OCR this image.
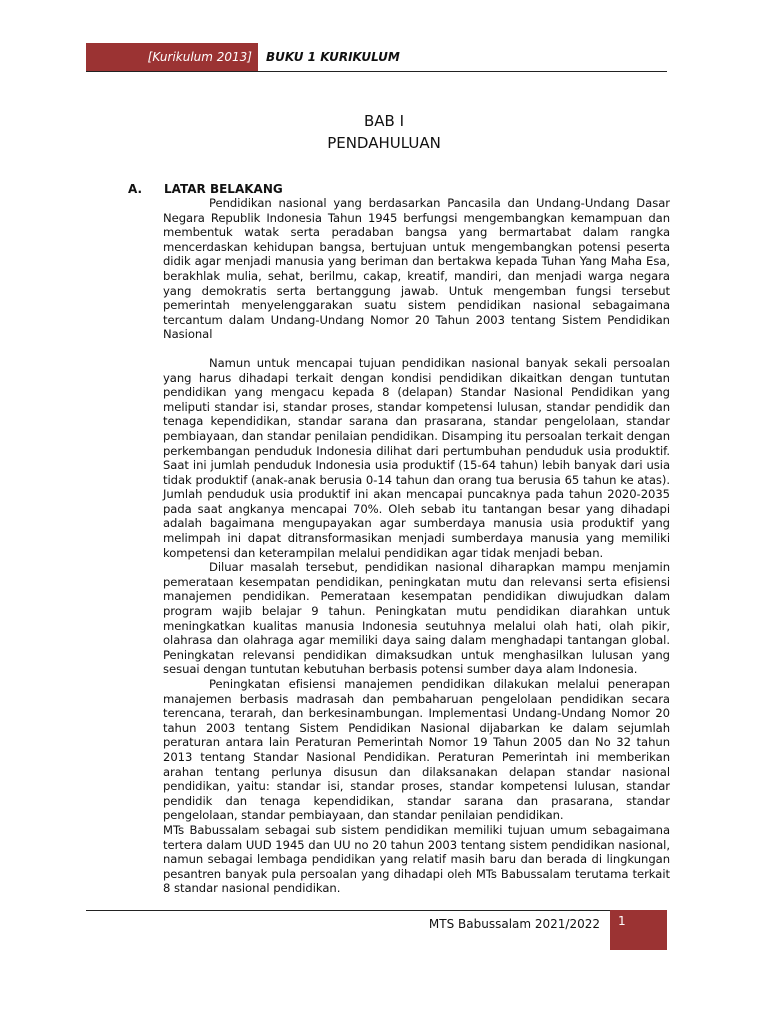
[Kurikulum 2013]	BUKU 1 KURIKULUM
BAB I
PENDAHULUAN
A. LATAR BELAKANG

Pendidikan nasional yang berdasarkan Pancasila dan Undang-Undang Dasar Negara Republik Indonesia Tahun 1945 berfungsi mengembangkan kemampuan dan membentuk watak serta peradaban bangsa yang bermartabat dalam rangka mencerdaskan kehidupan bangsa, bertujuan untuk mengembangkan potensi peserta didik agar menjadi manusia yang beriman dan bertakwa kepada Tuhan Yang Maha Esa, berakhlak mulia, sehat, berilmu, cakap, kreatif, mandiri, dan menjadi warga negara yang demokratis serta bertanggung jawab. Untuk mengemban fungsi tersebut pemerintah menyelenggarakan suatu sistem pendidikan nasional sebagaimana tercantum dalam Undang-Undang Nomor 20 Tahun 2003 tentang Sistem Pendidikan Nasional

Namun untuk mencapai tujuan pendidikan nasional banyak sekali persoalan yang harus dihadapi terkait dengan kondisi pendidikan dikaitkan dengan tuntutan pendidikan yang mengacu kepada 8 (delapan) Standar Nasional Pendidikan yang meliputi standar isi, standar proses, standar kompetensi lulusan, standar pendidik dan tenaga kependidikan, standar sarana dan prasarana, standar pengelolaan, standar pembiayaan, dan standar penilaian pendidikan. Disamping itu persoalan terkait dengan perkembangan penduduk Indonesia dilihat dari pertumbuhan penduduk usia produktif. Saat ini jumlah penduduk Indonesia usia produktif (15-64 tahun) lebih banyak dari usia tidak produktif (anak-anak berusia 0-14 tahun dan orang tua berusia 65 tahun ke atas). Jumlah penduduk usia produktif ini akan mencapai puncaknya pada tahun 2020-2035 pada saat angkanya mencapai 70%. Oleh sebab itu tantangan besar yang dihadapi adalah bagaimana mengupayakan agar sumberdaya manusia usia produktif yang melimpah ini dapat ditransformasikan menjadi sumberdaya manusia yang memiliki kompetensi dan keterampilan melalui pendidikan agar tidak menjadi beban.

Diluar masalah tersebut, pendidikan nasional diharapkan mampu menjamin pemerataan kesempatan pendidikan, peningkatan mutu dan relevansi serta efisiensi manajemen pendidikan. Pemerataan kesempatan pendidikan diwujudkan dalam program wajib belajar 9 tahun. Peningkatan mutu pendidikan diarahkan untuk meningkatkan kualitas manusia Indonesia seutuhnya melalui olah hati, olah pikir, olahrasa dan olahraga agar memiliki daya saing dalam menghadapi tantangan global. Peningkatan relevansi pendidikan dimaksudkan untuk menghasilkan lulusan yang sesuai dengan tuntutan kebutuhan berbasis potensi sumber daya alam Indonesia.

Peningkatan efisiensi manajemen pendidikan dilakukan melalui penerapan manajemen berbasis madrasah dan pembaharuan pengelolaan pendidikan secara terencana, terarah, dan berkesinambungan. Implementasi Undang-Undang Nomor 20 tahun 2003 tentang Sistem Pendidikan Nasional dijabarkan ke dalam sejumlah peraturan antara lain Peraturan Pemerintah Nomor 19 Tahun 2005 dan No 32 tahun 2013 tentang Standar Nasional Pendidikan. Peraturan Pemerintah ini memberikan arahan tentang perlunya disusun dan dilaksanakan delapan standar nasional pendidikan, yaitu: standar isi, standar proses, standar kompetensi lulusan, standar pendidik dan tenaga kependidikan, standar sarana dan prasarana, standar pengelolaan, standar pembiayaan, dan standar penilaian pendidikan.

MTs Babussalam sebagai sub sistem pendidikan memiliki tujuan umum sebagaimana tertera dalam UUD 1945 dan UU no 20 tahun 2003 tentang sistem pendidikan nasional, namun sebagai lembaga pendidikan yang relatif masih baru dan berada di lingkungan pesantren banyak pula persoalan yang dihadapi oleh MTs Babussalam terutama terkait 8 standar nasional pendidikan.

MTS Babussalam 2021/2022	1
